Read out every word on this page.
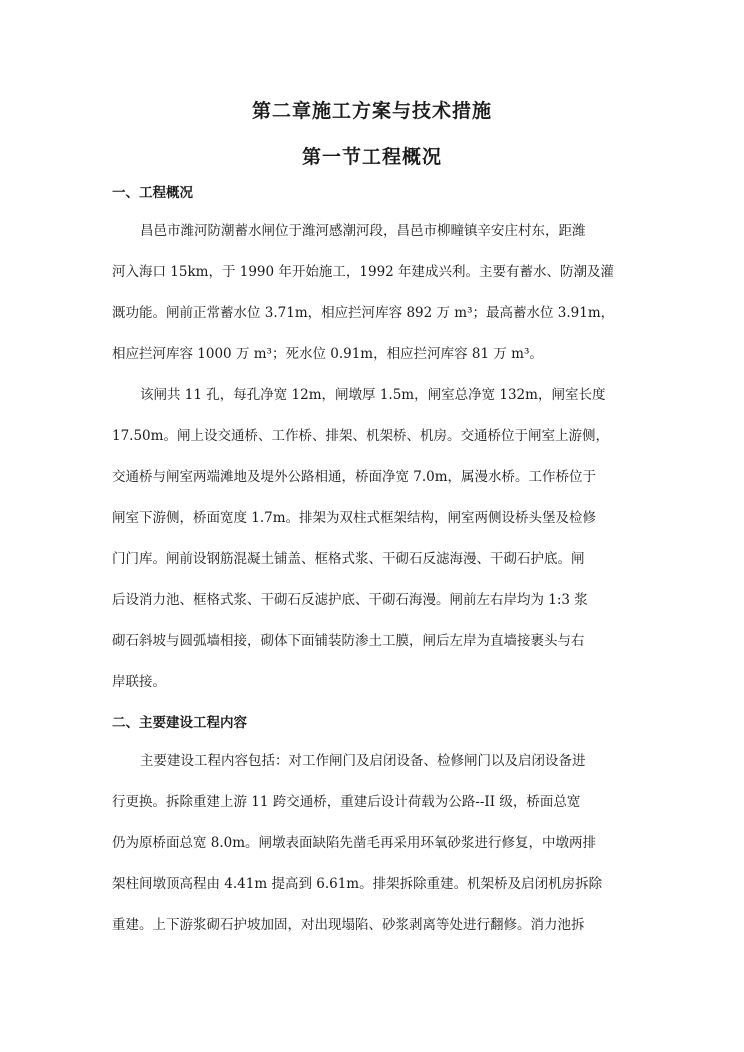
第二章施工方案与技术措施
第一节工程概况
一、工程概况
昌邑市潍河防潮蓄水闸位于潍河感潮河段，昌邑市柳疃镇辛安庄村东，距潍
河入海口 15km，于 1990 年开始施工，1992 年建成兴利。主要有蓄水、防潮及灌
溉功能。闸前正常蓄水位 3.71m，相应拦河库容 892 万 m³；最高蓄水位 3.91m，
相应拦河库容 1000 万 m³；死水位 0.91m，相应拦河库容 81 万 m³。
该闸共 11 孔，每孔净宽 12m，闸墩厚 1.5m，闸室总净宽 132m，闸室长度
17.50m。闸上设交通桥、工作桥、排架、机架桥、机房。交通桥位于闸室上游侧，
交通桥与闸室两端滩地及堤外公路相通，桥面净宽 7.0m，属漫水桥。工作桥位于
闸室下游侧，桥面宽度 1.7m。排架为双柱式框架结构，闸室两侧设桥头堡及检修
门门库。闸前设钢筋混凝土铺盖、框格式浆、干砌石反滤海漫、干砌石护底。闸
后设消力池、框格式浆、干砌石反滤护底、干砌石海漫。闸前左右岸均为 1:3 浆
砌石斜坡与圆弧墙相接，砌体下面铺装防渗土工膜，闸后左岸为直墙接裹头与右
岸联接。
二、主要建设工程内容
主要建设工程内容包括：对工作闸门及启闭设备、检修闸门以及启闭设备进
行更换。拆除重建上游 11 跨交通桥，重建后设计荷载为公路--II 级，桥面总宽
仍为原桥面总宽 8.0m。闸墩表面缺陷先凿毛再采用环氧砂浆进行修复，中墩两排
架柱间墩顶高程由 4.41m 提高到 6.61m。排架拆除重建。机架桥及启闭机房拆除
重建。上下游浆砌石护坡加固，对出现塌陷、砂浆剥离等处进行翻修。消力池拆
